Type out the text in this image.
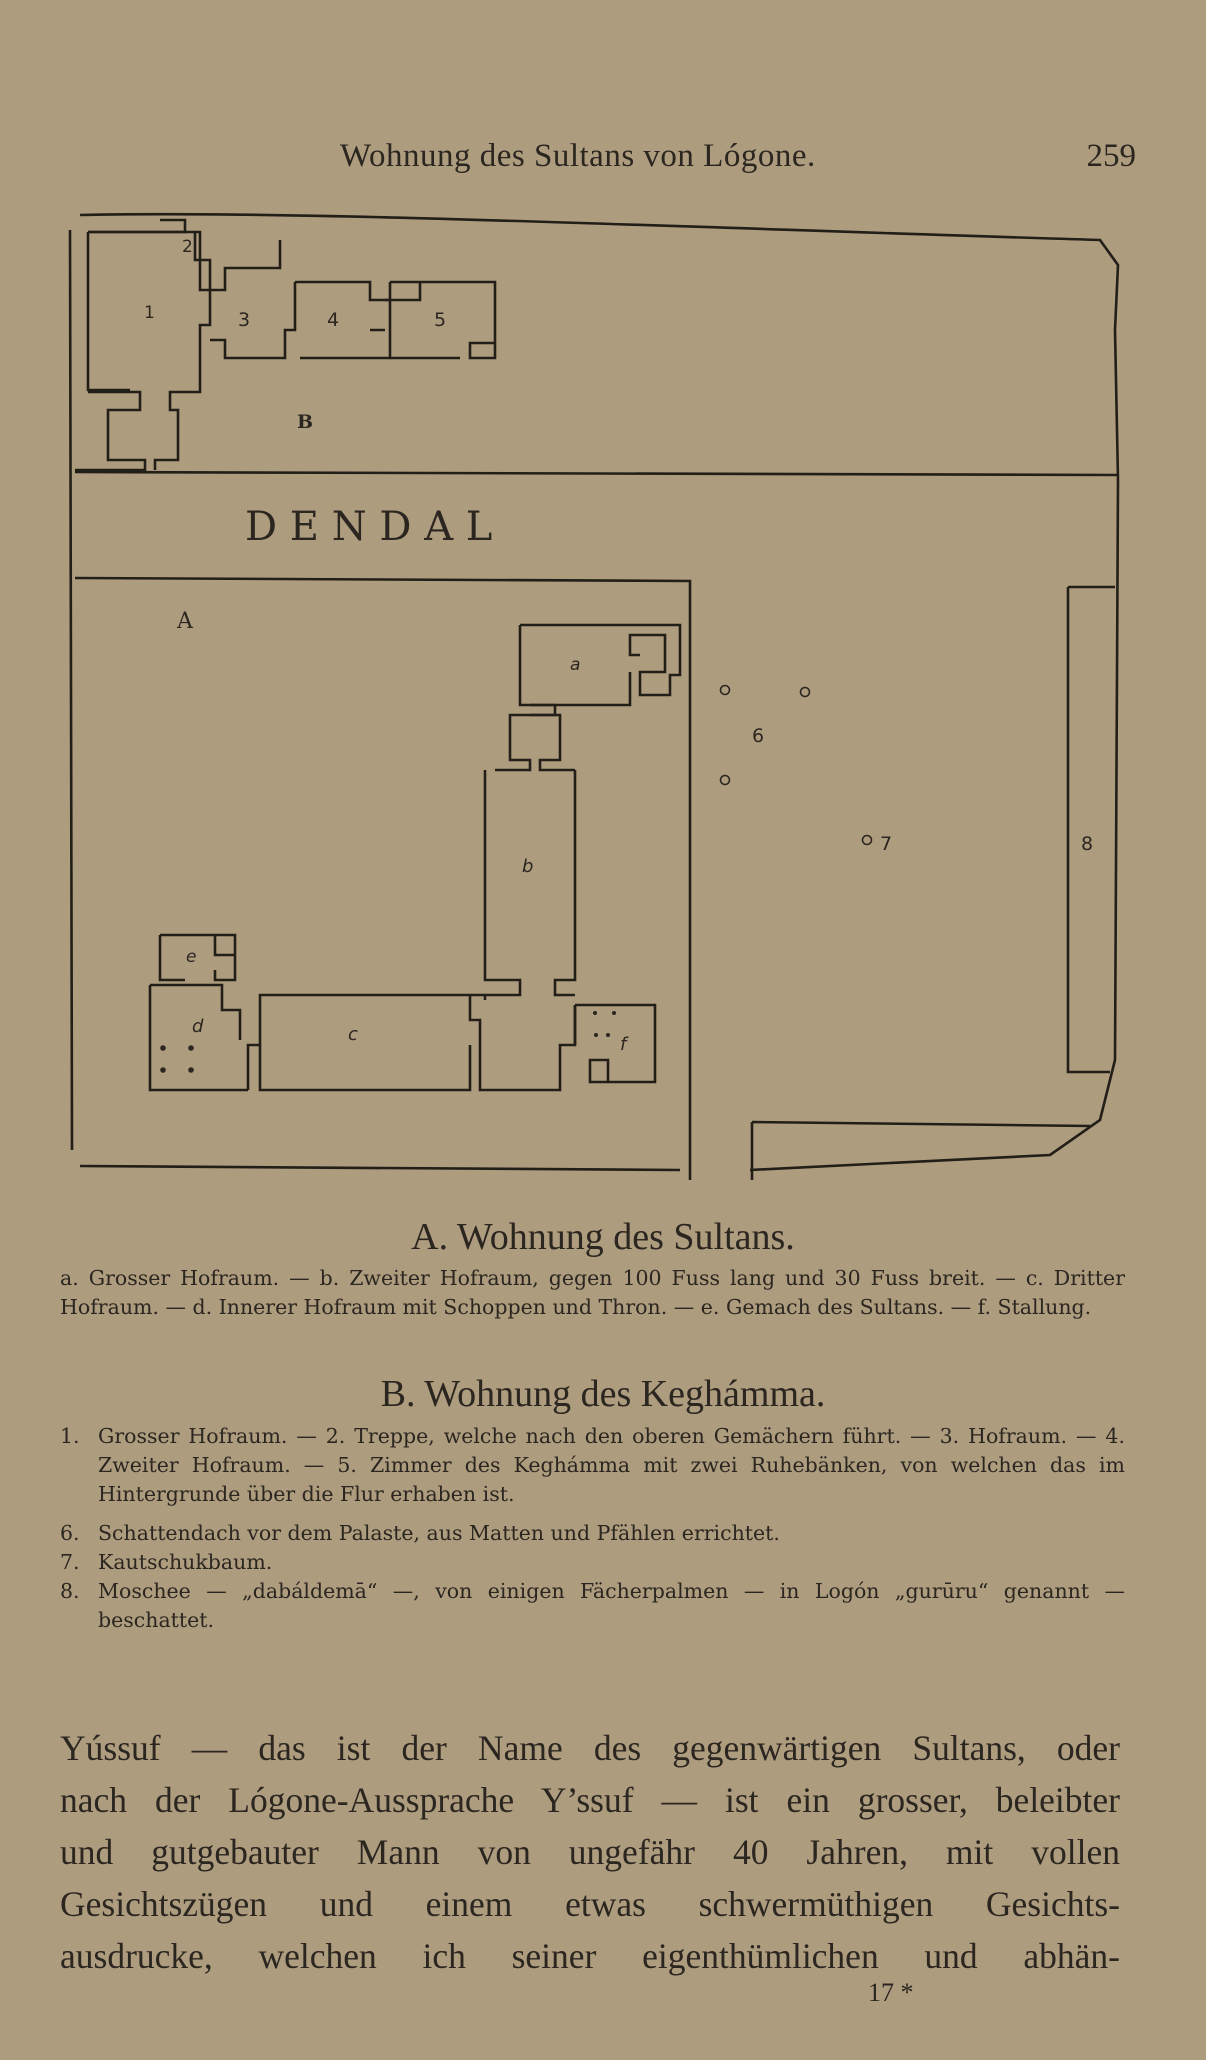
Wohnung des Sultans von Lógone.	259
1
2
3	4	5
B
D E N D A L
A
a
b
c
d
e
f
6
7	8
A. Wohnung des Sultans.

a. Grosser Hofraum. — b. Zweiter Hofraum, gegen 100 Fuss lang und 30 Fuss breit. — c. Dritter Hofraum. — d. Innerer Hofraum mit Schoppen und Thron. — e. Gemach des Sultans. — f. Stallung.

B. Wohnung des Keghámma.
1. Grosser Hofraum. — 2. Treppe, welche nach den oberen Gemächern führt. — 3. Hofraum. — 4. Zweiter Hofraum. — 5. Zimmer des Keghámma mit zwei Ruhebänken, von welchen das im Hintergrunde über die Flur erhaben ist.
6. Schattendach vor dem Palaste, aus Matten und Pfählen errichtet.
7. Kautschukbaum.
8. Moschee — „dabáldemā“ —, von einigen Fächerpalmen — in Logón „gurūru“ genannt — beschattet.
Yússuf — das ist der Name des gegenwärtigen Sultans, oder
nach der Lógone-Aussprache Y’ssuf — ist ein grosser, beleibter
und gutgebauter Mann von ungefähr 40 Jahren, mit vollen
Gesichtszügen und einem etwas schwermüthigen Gesichts-
ausdrucke, welchen ich seiner eigenthümlichen und abhän-
17 *
